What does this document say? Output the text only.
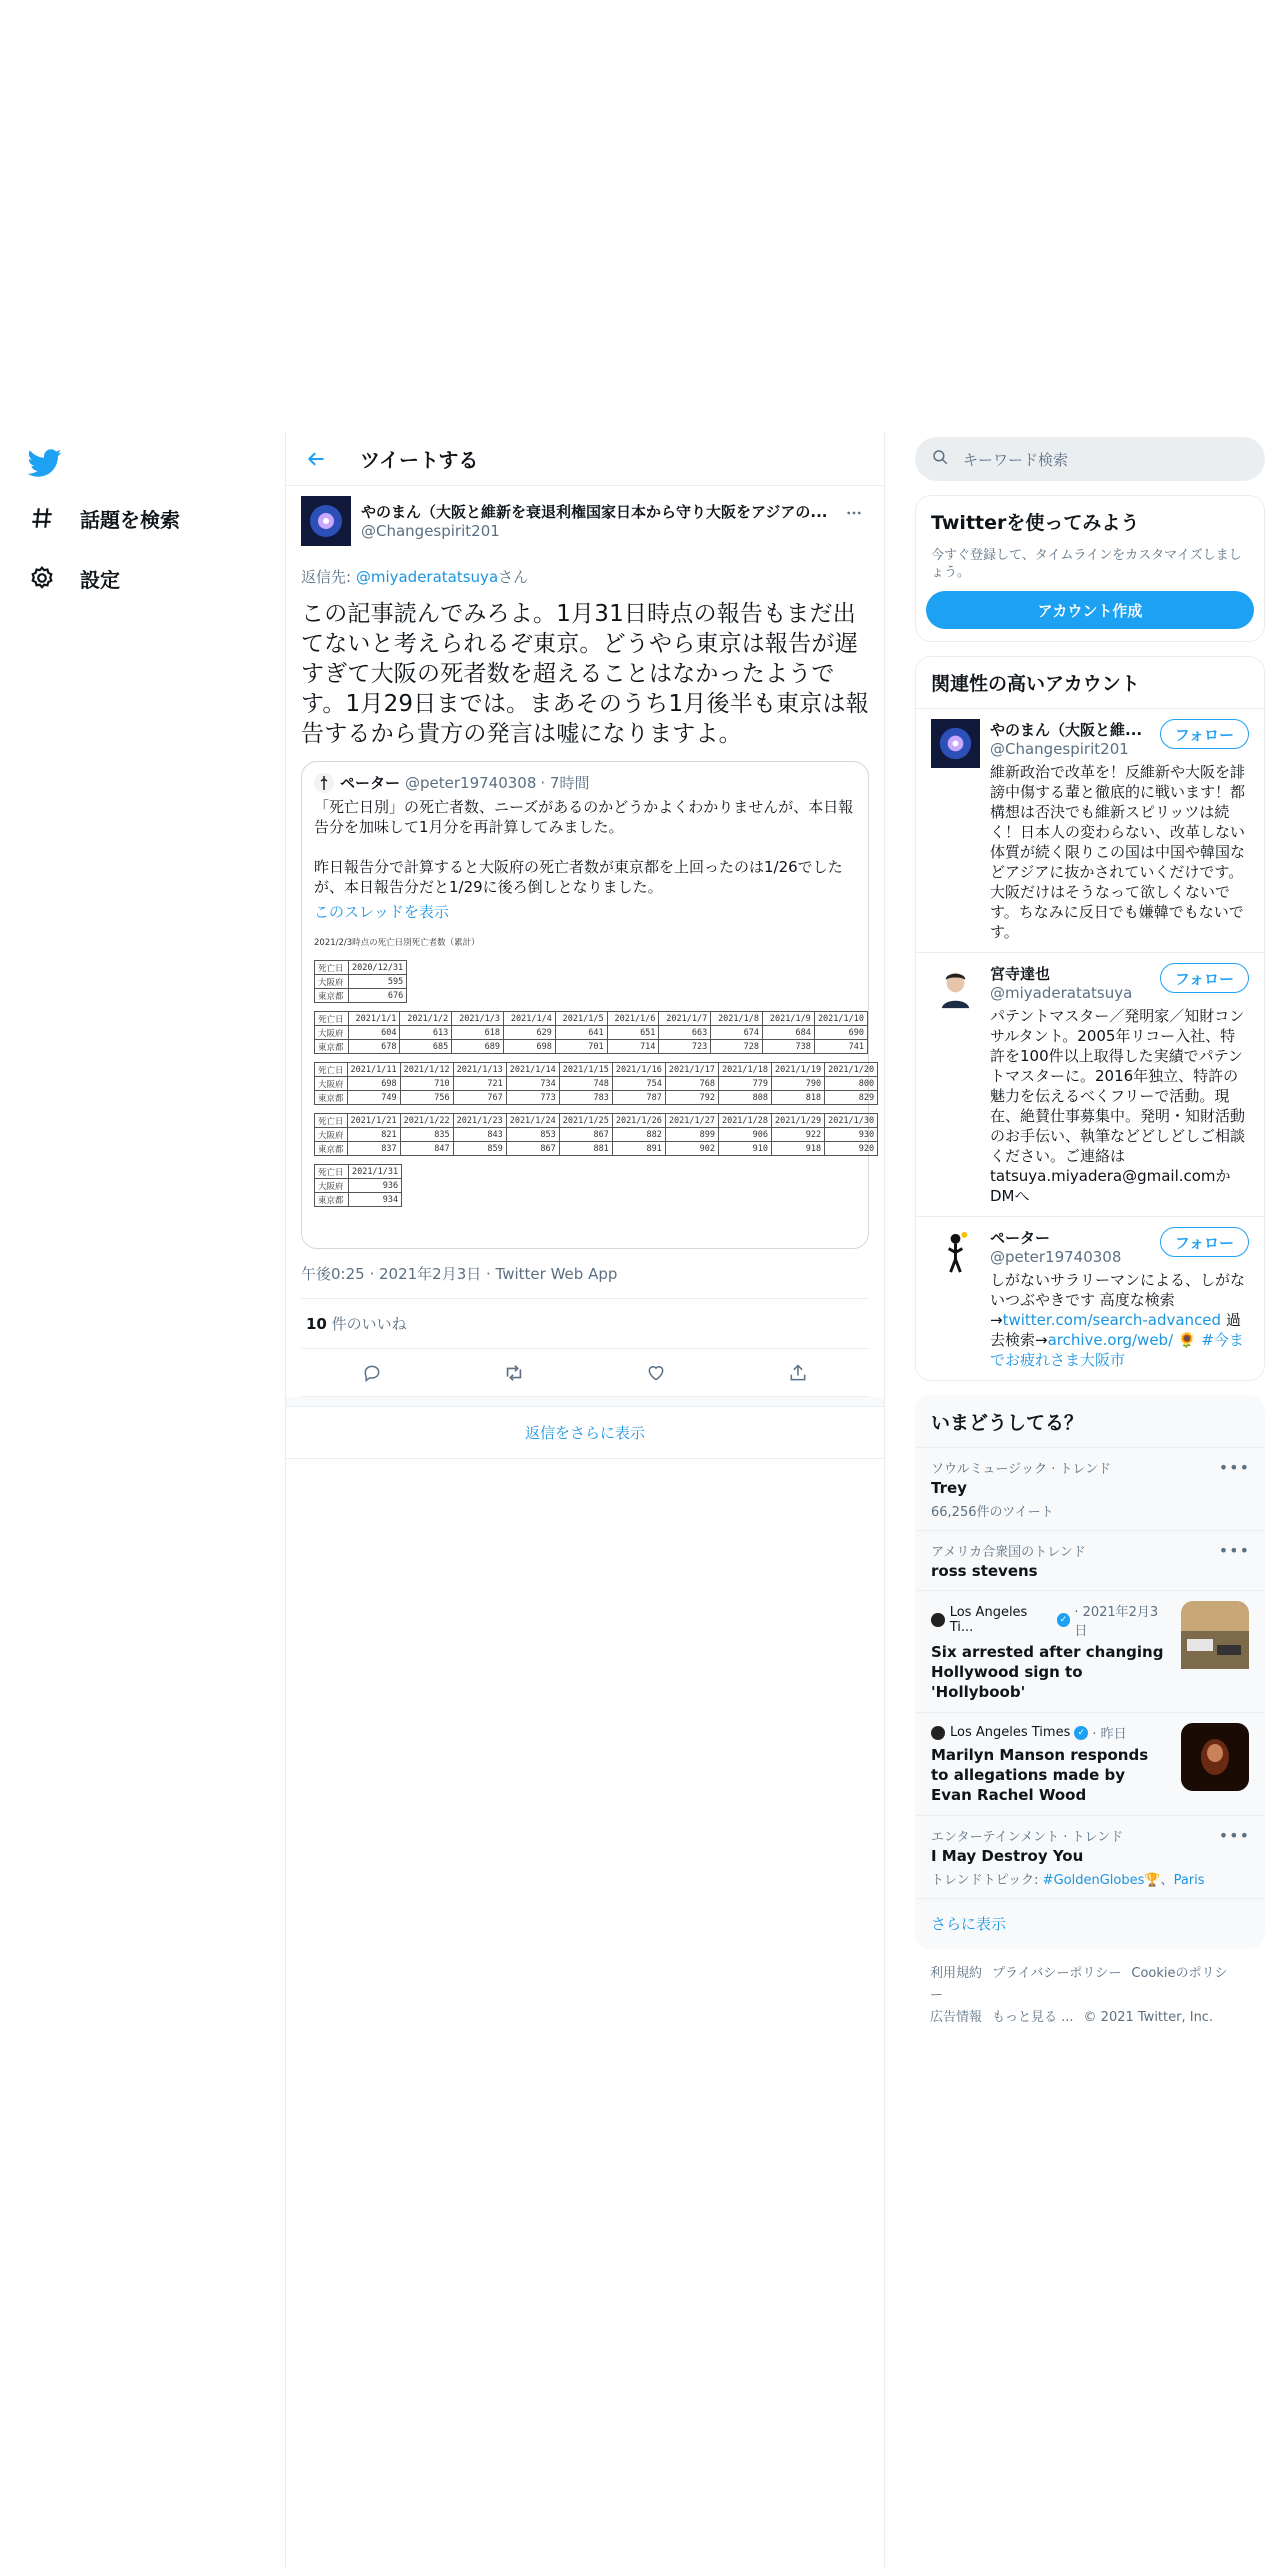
話題を検索
設定
ツイートする
やのまん（大阪と維新を衰退利権国家日本から守り大阪をアジアの...
@Changespirit201
返信先: @miyaderatatsuyaさん
この記事読んでみろよ。1月31日時点の報告もまだ出てないと考えられるぞ東京。どうやら東京は報告が遅すぎて大阪の死者数を超えることはなかったようです。1月29日までは。まあそのうち1月後半も東京は報告するから貴方の発言は嘘になりますよ。
ペーター @peter19740308 · 7時間
「死亡日別」の死亡者数、ニーズがあるのかどうかよくわかりませんが、本日報告分を加味して1月分を再計算してみました。

昨日報告分で計算すると大阪府の死亡者数が東京都を上回ったのは1/26でしたが、本日報告分だと1/29に後ろ倒しとなりました。
このスレッドを表示
2021/2/3時点の死亡日別死亡者数（累計）
死亡日	2020/12/31
大阪府	595
東京都	676
死亡日	2021/1/1	2021/1/2	2021/1/3	2021/1/4	2021/1/5	2021/1/6	2021/1/7	2021/1/8	2021/1/9	2021/1/10
大阪府	604	613	618	629	641	651	663	674	684	690
東京都	678	685	689	698	701	714	723	728	738	741
死亡日	2021/1/11	2021/1/12	2021/1/13	2021/1/14	2021/1/15	2021/1/16	2021/1/17	2021/1/18	2021/1/19	2021/1/20
大阪府	698	710	721	734	748	754	768	779	790	800
東京都	749	756	767	773	783	787	792	808	818	829
死亡日	2021/1/21	2021/1/22	2021/1/23	2021/1/24	2021/1/25	2021/1/26	2021/1/27	2021/1/28	2021/1/29	2021/1/30
大阪府	821	835	843	853	867	882	899	906	922	930
東京都	837	847	859	867	881	891	902	910	918	920
死亡日	2021/1/31
大阪府	936
東京都	934
午後0:25 · 2021年2月3日 · Twitter Web App
10 件のいいね
返信をさらに表示
キーワード検索
Twitterを使ってみよう

今すぐ登録して、タイムラインをカスタマイズしましょう。

アカウント作成
関連性の高いアカウント
やのまん（大阪と維...
@Changespirit201
フォロー
維新政治で改革を！反維新や大阪を誹謗中傷する輩と徹底的に戦います！都構想は否決でも維新スピリッツは続く！日本人の変わらない、改革しない体質が続く限りこの国は中国や韓国などアジアに抜かされていくだけです。大阪だけはそうなって欲しくないです。ちなみに反日でも嫌韓でもないです。
宮寺達也
@miyaderatatsuya
フォロー
パテントマスター／発明家／知財コンサルタント。2005年リコー入社、特許を100件以上取得した実績でパテントマスターに。2016年独立、特許の魅力を伝えるべくフリーで活動。現在、絶賛仕事募集中。発明・知財活動のお手伝い、執筆などどしどしご相談ください。ご連絡は tatsuya.miyadera@gmail.comかDMへ
ペーター
@peter19740308
フォロー
しがないサラリーマンによる、しがないつぶやきです 高度な検索→twitter.com/search-advanced 過去検索→archive.org/web/ 🌻 #今までお疲れさま大阪市
いまどうしてる？
ソウルミュージック · トレンド
Trey
66,256件のツイート
•••
アメリカ合衆国のトレンド
ross stevens
•••
Los Angeles Ti...	✓ · 2021年2月3日
Six arrested after changing Hollywood sign to 'Hollyboob'
Los Angeles Times ✓ · 昨日
Marilyn Manson responds to allegations made by Evan Rachel Wood
エンターテインメント · トレンド
I May Destroy You
トレンドトピック: #GoldenGlobes🏆、Paris
•••
さらに表示
利用規約 プライバシーポリシー Cookieのポリシー
広告情報 もっと見る ... © 2021 Twitter, Inc.
